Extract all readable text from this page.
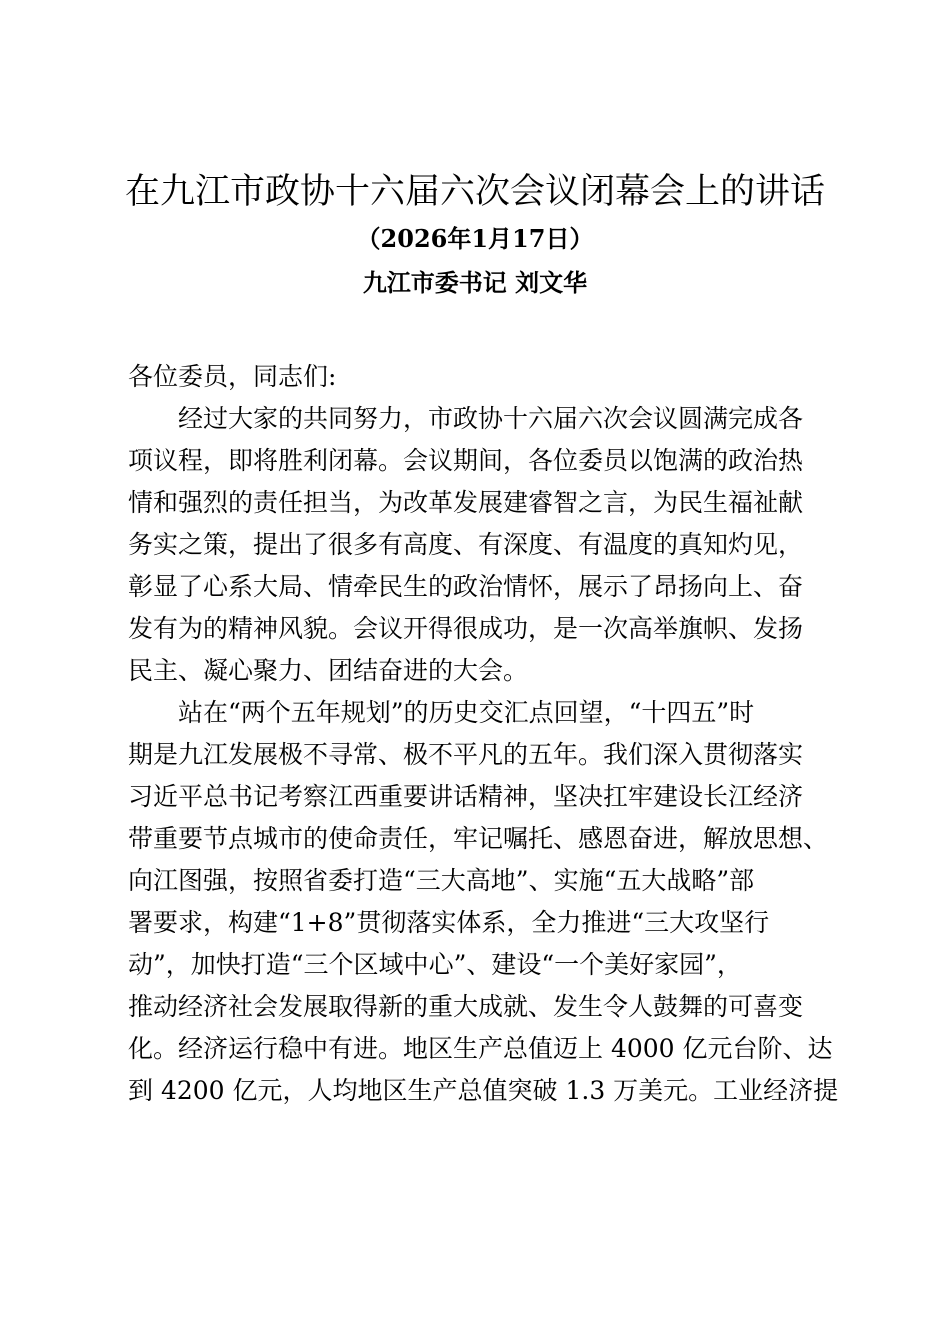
在九江市政协十六届六次会议闭幕会上的讲话
（2026年1月17日）
九江市委书记 刘文华
各位委员，同志们:
　　经过大家的共同努力，市政协十六届六次会议圆满完成各
项议程，即将胜利闭幕。会议期间，各位委员以饱满的政治热
情和强烈的责任担当，为改革发展建睿智之言，为民生福祉献
务实之策，提出了很多有高度、有深度、有温度的真知灼见，
彰显了心系大局、情牵民生的政治情怀，展示了昂扬向上、奋
发有为的精神风貌。会议开得很成功，是一次高举旗帜、发扬
民主、凝心聚力、团结奋进的大会。
　　站在“两个五年规划”的历史交汇点回望，“十四五”时
期是九江发展极不寻常、极不平凡的五年。我们深入贯彻落实
习近平总书记考察江西重要讲话精神，坚决扛牢建设长江经济
带重要节点城市的使命责任，牢记嘱托、感恩奋进，解放思想、
向江图强，按照省委打造“三大高地”、实施“五大战略”部
署要求，构建“1+8”贯彻落实体系，全力推进“三大攻坚行
动”，加快打造“三个区域中心”、建设“一个美好家园”，
推动经济社会发展取得新的重大成就、发生令人鼓舞的可喜变
化。经济运行稳中有进。地区生产总值迈上 4000 亿元台阶、达
到 4200 亿元，人均地区生产总值突破 1.3 万美元。工业经济提
